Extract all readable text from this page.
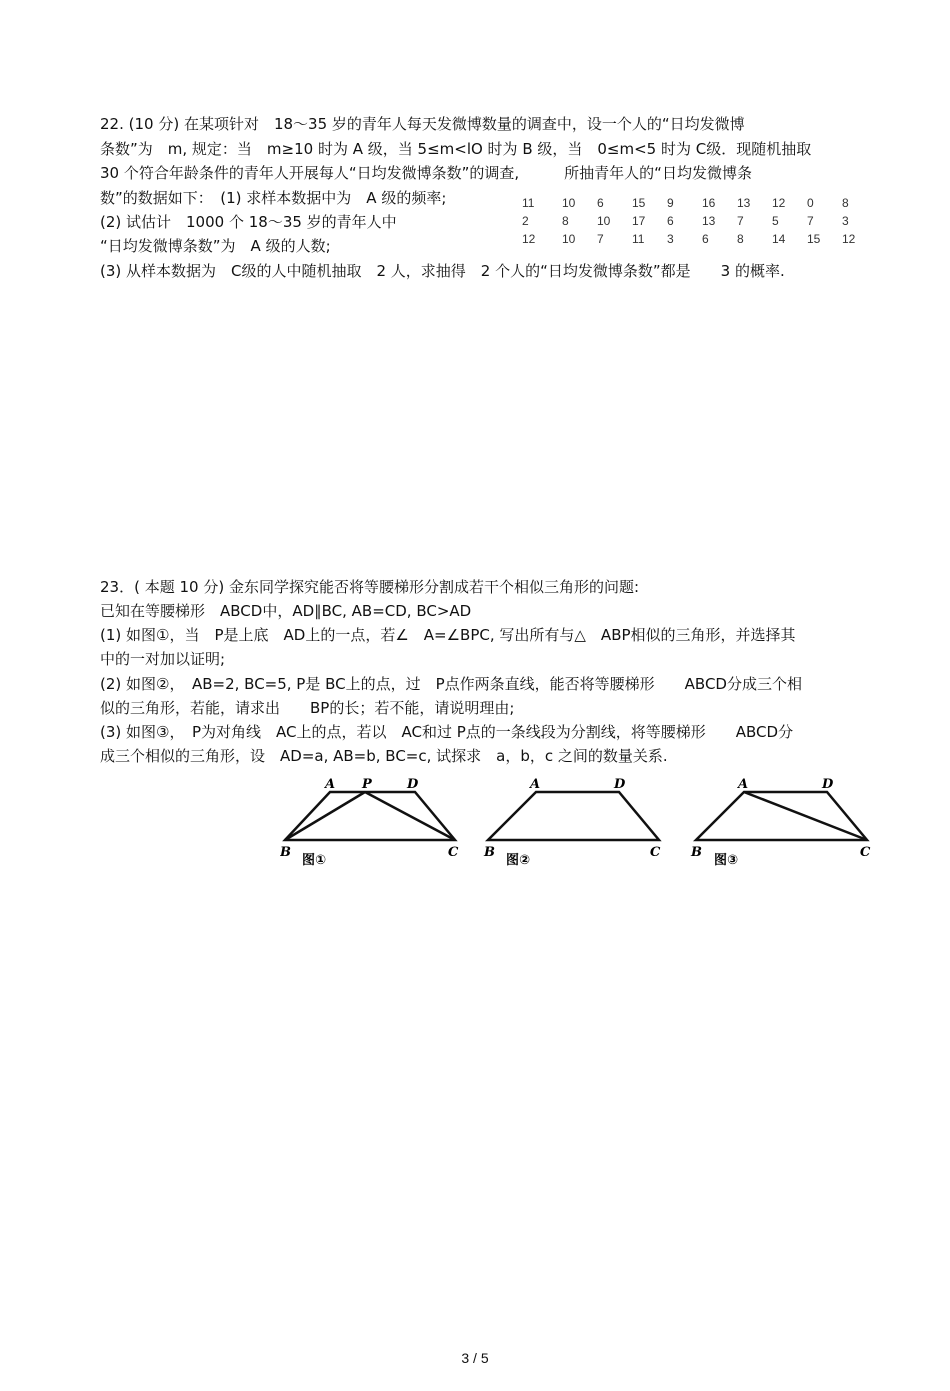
22. (10 分) 在某项针对　18～35 岁的青年人每天发微博数量的调查中，设一个人的“日均发微博
条数”为　m, 规定：当　m≥10 时为 A 级，当 5≤m<lO 时为 B 级，当　0≤m<5 时为 C级．现随机抽取
30 个符合年龄条件的青年人开展每人“日均发微博条数”的调查,　　　所抽青年人的“日均发微博条
数”的数据如下：　(1) 求样本数据中为　A 级的频率;
(2) 试估计　1000 个 18～35 岁的青年人中
“日均发微博条数”为　A 级的人数;
(3) 从样本数据为　C级的人中随机抽取　2 人，求抽得　2 个人的“日均发微博条数”都是　　3 的概率.
11	10	6	15	9	16	13	12	0	8
2	8	10	17	6	13	7	5	7	3
12	10	7	11	3	6	8	14	15	12
23．( 本题 10 分) 金东同学探究能否将等腰梯形分割成若干个相似三角形的问题:
已知在等腰梯形　ABCD中，AD∥BC, AB=CD, BC>AD
(1) 如图①，当　P是上底　AD上的一点，若∠　A=∠BPC, 写出所有与△　ABP相似的三角形，并选择其
中的一对加以证明;
(2) 如图②，　AB=2, BC=5, P是 BC上的点，过　P点作两条直线，能否将等腰梯形　　ABCD分成三个相
似的三角形，若能，请求出　　BP的长；若不能，请说明理由;
(3) 如图③，　P为对角线　AC上的点，若以　AC和过 P点的一条线段为分割线，将等腰梯形　　ABCD分
成三个相似的三角形，设　AD=a, AB=b, BC=c, 试探求　a，b，c 之间的数量关系.
A P	D
B	C
图①
A	D
B	C
图②
A	D
B	C
图③
3 / 5
